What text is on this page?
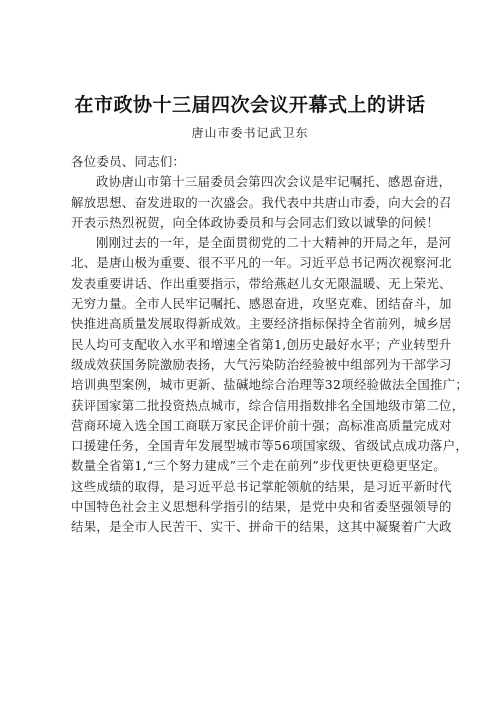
在市政协十三届四次会议开幕式上的讲话
唐山市委书记武卫东
各位委员、同志们：
政协唐山市第十三届委员会第四次会议是牢记嘱托、感恩奋进，
解放思想、奋发进取的一次盛会。我代表中共唐山市委，向大会的召
开表示热烈祝贺，向全体政协委员和与会同志们致以诚挚的问候！
刚刚过去的一年，是全面贯彻党的二十大精神的开局之年，是河
北、是唐山极为重要、很不平凡的一年。习近平总书记两次视察河北
发表重要讲话、作出重要指示，带给燕赵儿女无限温暖、无上荣光、
无穷力量。全市人民牢记嘱托、感恩奋进，攻坚克难、团结奋斗，加
快推进高质量发展取得新成效。主要经济指标保持全省前列，城乡居
民人均可支配收入水平和增速全省第1,创历史最好水平；产业转型升
级成效获国务院激励表扬，大气污染防治经验被中组部列为干部学习
培训典型案例，城市更新、盐碱地综合治理等32项经验做法全国推广；
获评国家第二批投资热点城市，综合信用指数排名全国地级市第二位，
营商环境入选全国工商联万家民企评价前十强；高标准高质量完成对
口援建任务，全国青年发展型城市等56项国家级、省级试点成功落户，
数量全省第1,“三个努力建成”三个走在前列”步伐更快更稳更坚定。
这些成绩的取得，是习近平总书记掌舵领航的结果，是习近平新时代
中国特色社会主义思想科学指引的结果，是党中央和省委坚强领导的
结果，是全市人民苦干、实干、拼命干的结果，这其中凝聚着广大政
